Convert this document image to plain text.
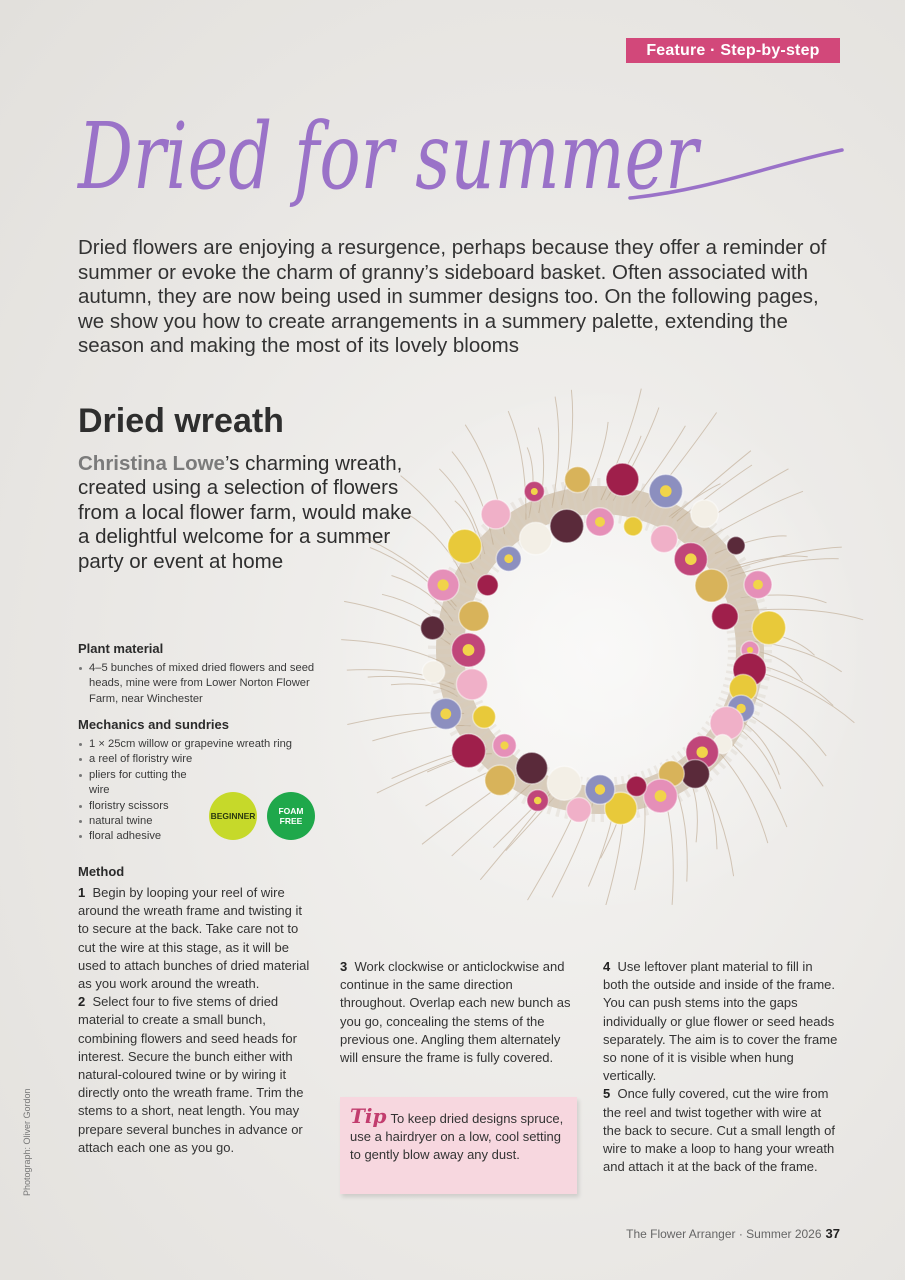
Feature · Step-by-step
Dried for summer

Dried flowers are enjoying a resurgence, perhaps because they offer a reminder of summer or evoke the charm of granny’s sideboard basket. Often associated with autumn, they are now being used in summer designs too. On the following pages, we show you how to create arrangements in a summery palette, extending the season and making the most of its lovely blooms

Dried wreath

Christina Lowe’s charming wreath, created using a selection of flowers from a local flower farm, would make a delightful welcome for a summer party or event at home

Plant material
4–5 bunches of mixed dried flowers and seed heads, mine were from Lower Norton Flower Farm, near Winchester
Mechanics and sundries
1 × 25cm willow or grapevine wreath ring
a reel of floristry wire
pliers for cutting the wire
floristry scissors
natural twine
floral adhesive
BEGINNER	FOAM FREE
Method

1 Begin by looping your reel of wire around the wreath frame and twisting it to secure at the back. Take care not to cut the wire at this stage, as it will be used to attach bunches of dried material as you work around the wreath.

2 Select four to five stems of dried material to create a small bunch, combining flowers and seed heads for interest. Secure the bunch either with natural-coloured twine or by wiring it directly onto the wreath frame. Trim the stems to a short, neat length. You may prepare several bunches in advance or attach each one as you go.

3 Work clockwise or anticlockwise and continue in the same direction throughout. Overlap each new bunch as you go, concealing the stems of the previous one. Angling them alternately will ensure the frame is fully covered.

Tip To keep dried designs spruce, use a hairdryer on a low, cool setting to gently blow away any dust.

4 Use leftover plant material to fill in both the outside and inside of the frame. You can push stems into the gaps individually or glue flower or seed heads separately. The aim is to cover the frame so none of it is visible when hung vertically.

5 Once fully covered, cut the wire from the reel and twist together with wire at the back to secure. Cut a small length of wire to make a loop to hang your wreath and attach it at the back of the frame.

Photograph: Oliver Gordon
The Flower Arranger · Summer 2026 37
